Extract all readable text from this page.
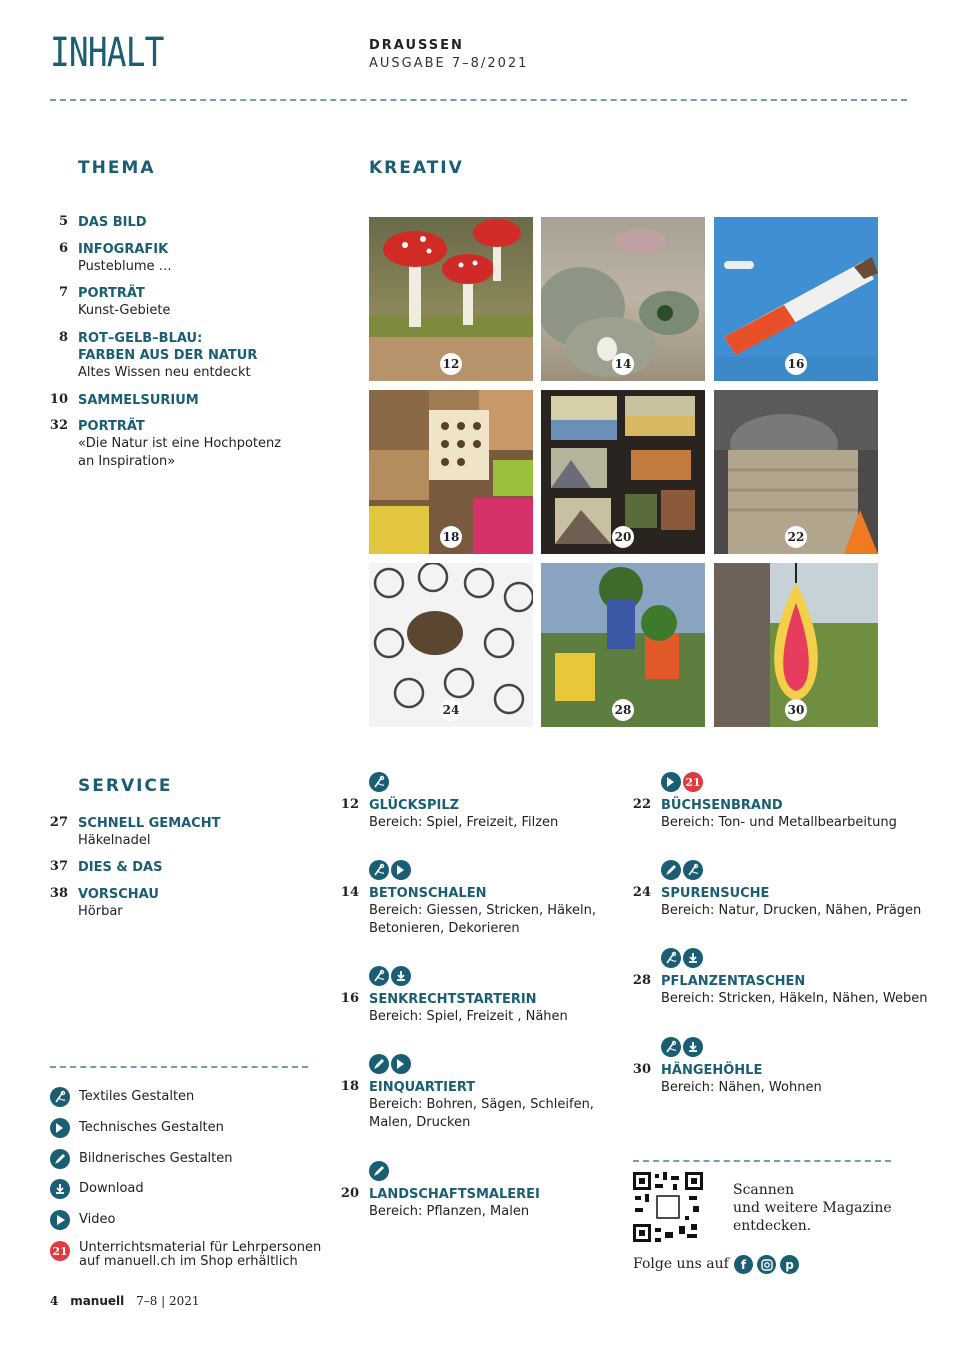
INHALT	DRAUSSEN
AUSGABE 7–8/2021
THEMA
5 DAS BILD
6 INFOGRAFIK
Pusteblume …
7 PORTRÄT
Kunst-Gebiete
8 ROT–GELB–BLAU:
FARBEN AUS DER NATUR
Altes Wissen neu entdeckt
10 SAMMELSURIUM
32 PORTRÄT
«Die Natur ist eine Hochpotenz
an Inspiration»
KREATIV
12	14	16
18	20	22
24	28	30
SERVICE
27 SCHNELL GEMACHT
Häkelnadel
37 DIES & DAS
38 VORSCHAU
Hörbar
12 GLÜCKSPILZ
Bereich: Spiel, Freizeit, Filzen
14 BETONSCHALEN
Bereich: Giessen, Stricken, Häkeln,
Betonieren, Dekorieren
16 SENKRECHTSTARTERIN
Bereich: Spiel, Freizeit , Nähen
18 EINQUARTIERT
Bereich: Bohren, Sägen, Schleifen,
Malen, Drucken
20 LANDSCHAFTSMALEREI
Bereich: Pflanzen, Malen
21
22 BÜCHSENBRAND
Bereich: Ton- und Metallbearbeitung
24 SPURENSUCHE
Bereich: Natur, Drucken, Nähen, Prägen
28 PFLANZENTASCHEN
Bereich: Stricken, Häkeln, Nähen, Weben
30 HÄNGEHÖHLE
Bereich: Nähen, Wohnen
Textiles Gestalten
Technisches Gestalten
Bildnerisches Gestalten
Download
Video
21 Unterrichtsmaterial für Lehrpersonen
auf manuell.ch im Shop erhältlich
Scannen
und weitere Magazine
entdecken.
Folge uns auf	f	p
4 manuell 7–8 | 2021
